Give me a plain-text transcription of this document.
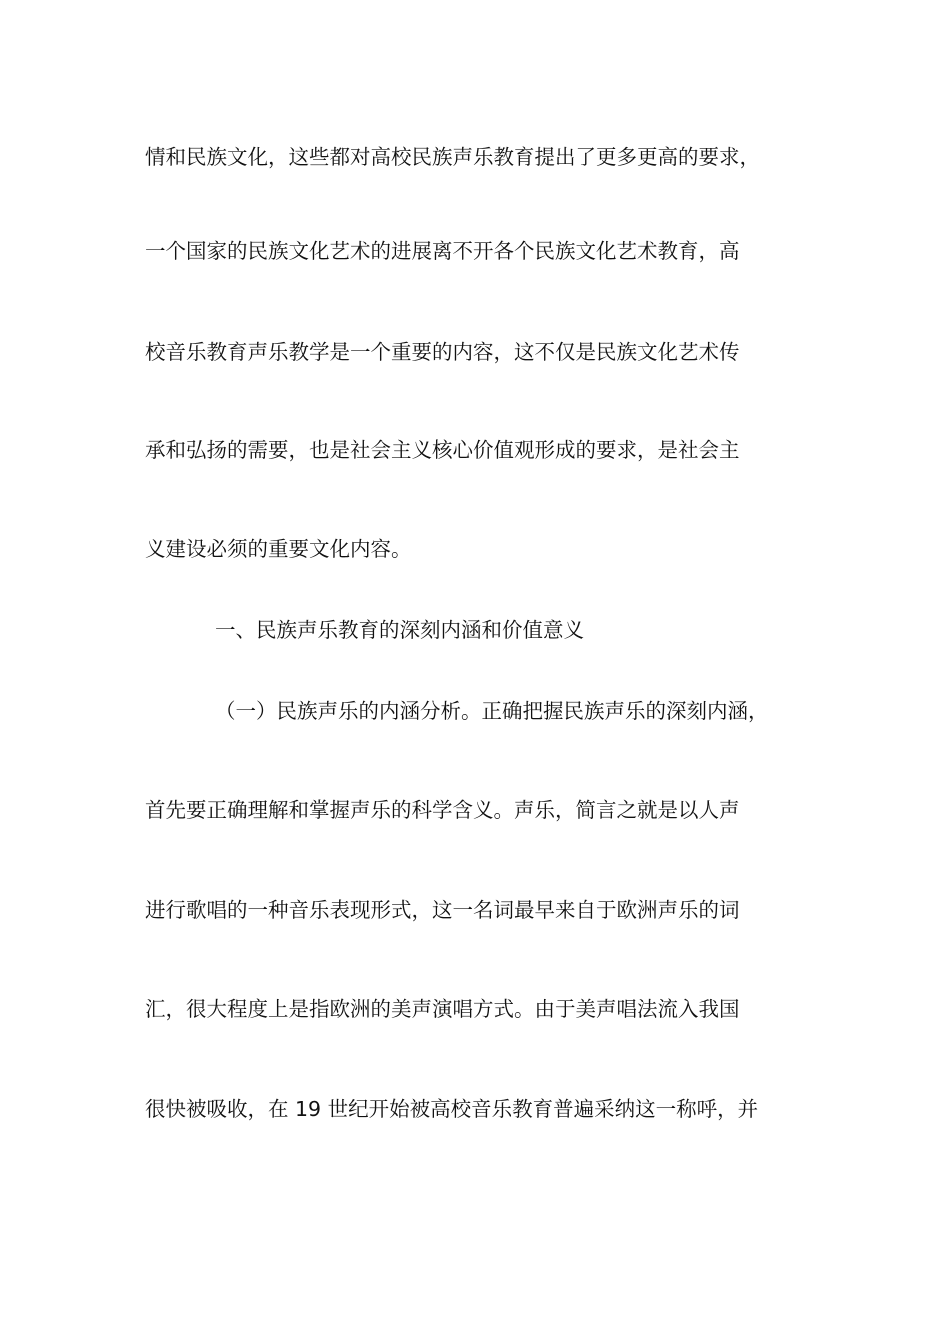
情和民族文化，这些都对高校民族声乐教育提出了更多更高的要求，
一个国家的民族文化艺术的进展离不开各个民族文化艺术教育，高
校音乐教育声乐教学是一个重要的内容，这不仅是民族文化艺术传
承和弘扬的需要，也是社会主义核心价值观形成的要求，是社会主
义建设必须的重要文化内容。
一、民族声乐教育的深刻内涵和价值意义
（一）民族声乐的内涵分析。正确把握民族声乐的深刻内涵，
首先要正确理解和掌握声乐的科学含义。声乐，简言之就是以人声
进行歌唱的一种音乐表现形式，这一名词最早来自于欧洲声乐的词
汇，很大程度上是指欧洲的美声演唱方式。由于美声唱法流入我国
很快被吸收，在 19 世纪开始被高校音乐教育普遍采纳这一称呼，并
